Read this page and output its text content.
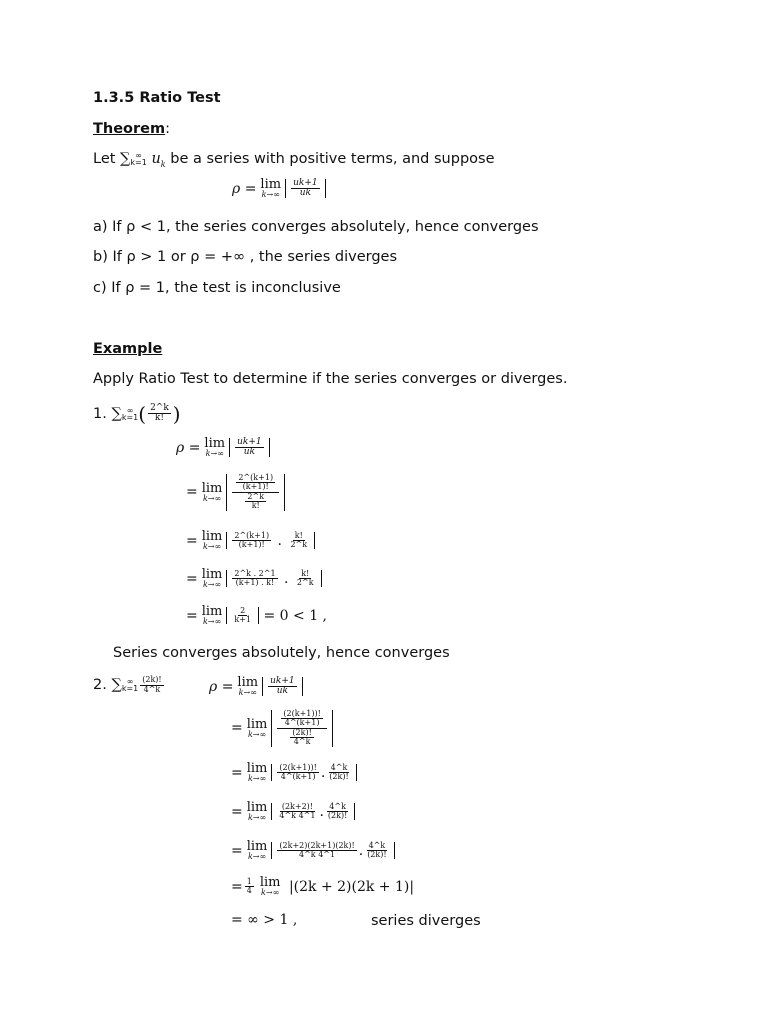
1.3.5 Ratio Test
Theorem:
Let ∑ ∞
k=1 $u_k$ be a series with positive terms, and suppose
ρ
= lim
$k\to\infty \frac{uk+1}{uk}$
a) If ρ < 1, the series converges absolutely, hence converges
b) If ρ > 1 or ρ = +∞ , the series diverges
c) If ρ = 1, the test is inconclusive
Example
Apply Ratio Test to determine if the series converges or diverges.
1.
∑ ∞
k=1 ( $\frac{2\^{}k}{k!}$ )
ρ
= lim
$k\to\infty \frac{uk+1}{uk}$
= lim
$k\to\infty \frac{\frac{2\^{}(k+1)}{(k+1)!}}{\frac{2\^{}k}{k!}}$
= lim
$k\to\infty \frac{2\^{}(k+1)}{(k+1)!}$ . $\frac{k!}{2\^{}k}$
= lim
$k\to\infty \frac{2\^{}k . 2\^{}1}{(k+1) . k!}$ . $\frac{k!}{2\^{}k}$
= lim
$k\to\infty \frac{2}{k+1}$
= 0 < 1 ,
Series converges absolutely, hence converges
2.
∑ ∞
$k=1 \frac{(2k)!}{4\^{}k}$	ρ
= lim
$k\to\infty \frac{uk+1}{uk}$
= lim
$k\to\infty \frac{\frac{(2(k+1))!}{4\^{}(k+1)}}{\frac{(2k)!}{4\^{}k}}$
= lim
$k\to\infty \frac{(2(k+1))!}{4\^{}(k+1)}$ . $\frac{4\^{}k}{(2k)!}$
= lim
$k\to\infty \frac{(2k+2)!}{4\^{}k 4\^{}1}$ . $\frac{4\^{}k}{(2k)!}$
= lim
$k\to\infty \frac{(2k+2)(2k+1)(2k)!}{4\^{}k 4\^{}1}$ . $\frac{4\^{}k}{(2k)!}$
= $\frac{1}{4}$ lim
k→∞
|(2k + 2)(2k + 1)|
= ∞ > 1 ,	series diverges
